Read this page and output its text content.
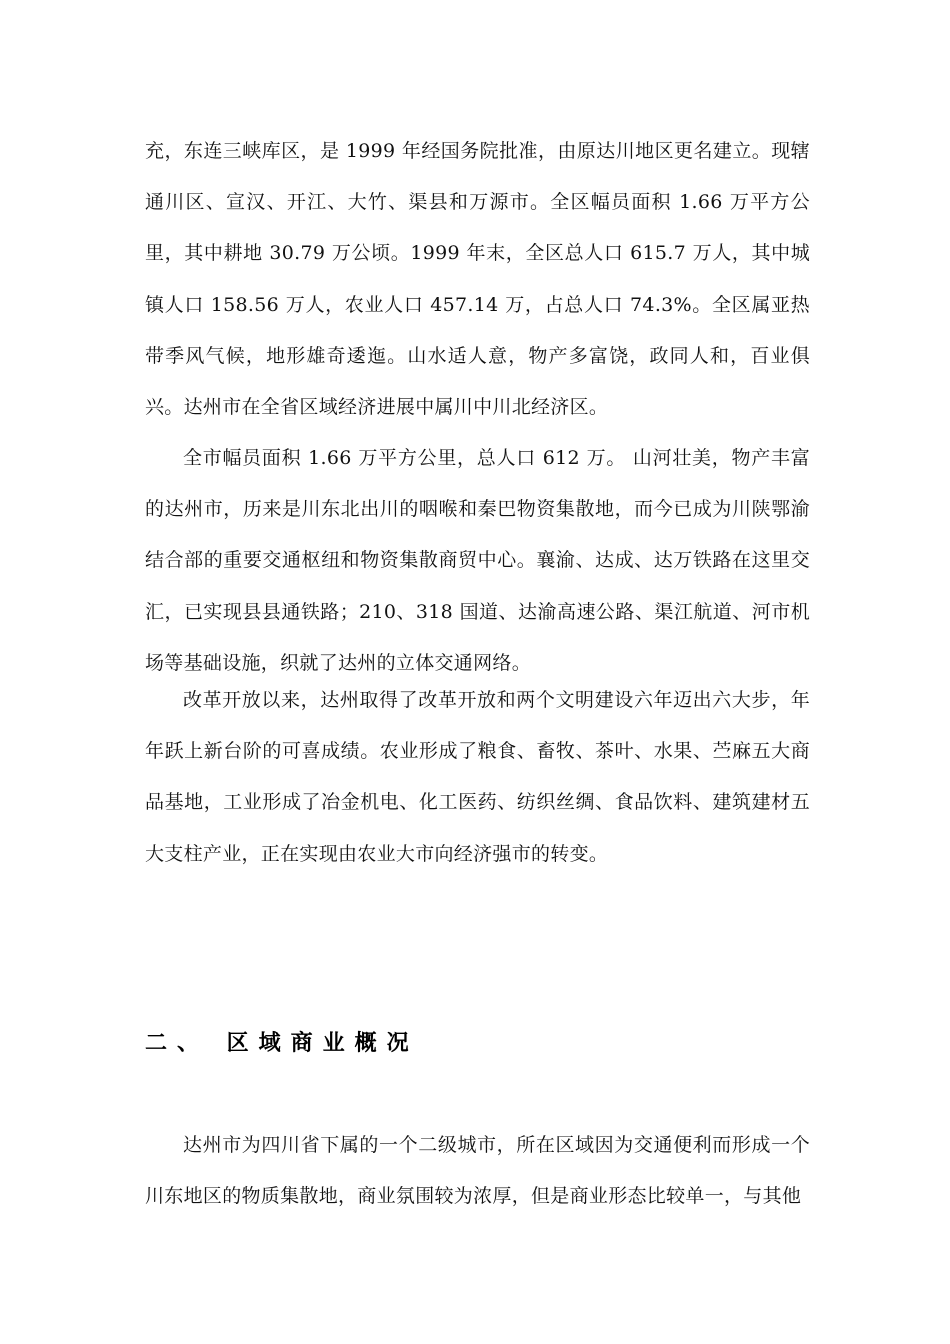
充，东连三峡库区，是 1999 年经国务院批准，由原达川地区更名建立。现辖通川区、宣汉、开江、大竹、渠县和万源市。全区幅员面积 1.66 万平方公里，其中耕地 30.79 万公顷。1999 年末，全区总人口 615.7 万人，其中城镇人口 158.56 万人，农业人口 457.14 万，占总人口 74.3%。全区属亚热带季风气候，地形雄奇逶迤。山水适人意，物产多富饶，政同人和，百业俱兴。达州市在全省区域经济进展中属川中川北经济区。

全市幅员面积 1.66 万平方公里，总人口 612 万。 山河壮美，物产丰富的达州市，历来是川东北出川的咽喉和秦巴物资集散地，而今已成为川陕鄂渝结合部的重要交通枢纽和物资集散商贸中心。襄渝、达成、达万铁路在这里交汇，已实现县县通铁路；210、318 国道、达渝高速公路、渠江航道、河市机场等基础设施，织就了达州的立体交通网络。

改革开放以来，达州取得了改革开放和两个文明建设六年迈出六大步，年年跃上新台阶的可喜成绩。农业形成了粮食、畜牧、茶叶、水果、苎麻五大商品基地，工业形成了冶金机电、化工医药、纺织丝绸、食品饮料、建筑建材五大支柱产业，正在实现由农业大市向经济强市的转变。

二、 区域商业概况

达州市为四川省下属的一个二级城市，所在区域因为交通便利而形成一个川东地区的物质集散地，商业氛围较为浓厚，但是商业形态比较单一，与其他
